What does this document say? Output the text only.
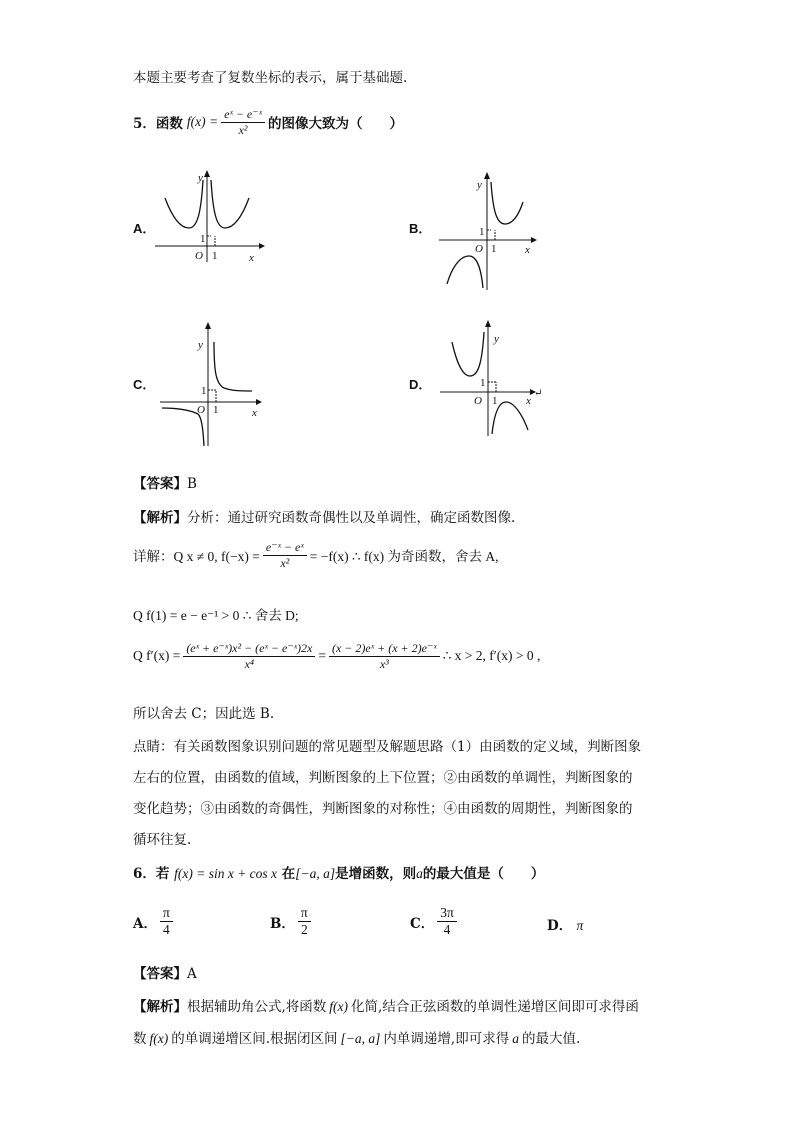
本题主要考查了复数坐标的表示，属于基础题.
5． 函数 $f(x) = \frac{\text{eˣ − e⁻ˣ}}{\text{x²}}$ 的图像大致为（　　）
A．	B．
C．	D．
y
x
O 1
1
y
x
O 1
1
y
x
O 1
1
y
x
↵
O 1
1
【答案】B
【解析】分析：通过研究函数奇偶性以及单调性，确定函数图像.
详解：Q x ≠ 0, $f(-x) = \frac{\text{e⁻ˣ − eˣ}}{\text{x²}} = -f(x)$ ∴ f(x) 为奇函数，舍去 A,
Q f(1) = e − e⁻¹ > 0 ∴ 舍去 D;
Q $f'(x) = \frac{\text{(eˣ + e⁻ˣ)x² − (eˣ − e⁻ˣ)2x}}{\text{x⁴}} = \frac{\text{(x − 2)eˣ + (x + 2)e⁻ˣ}}{\text{x³}}$ ∴ x > 2, f′(x) > 0 ,
所以舍去 C；因此选 B.
点睛：有关函数图象识别问题的常见题型及解题思路（1）由函数的定义域，判断图象
左右的位置，由函数的值域，判断图象的上下位置；②由函数的单调性，判断图象的
变化趋势；③由函数的奇偶性，判断图象的对称性；④由函数的周期性，判断图象的
循环往复.
6．若 f(x) = sin x + cos x 在[−a, a]是增函数，则a的最大值是（　　）
A． $\frac{\pi}{4}$	B． $\frac{\pi}{2}$	C． $\frac{3\pi}{4}$	D． π
【答案】A
【解析】根据辅助角公式,将函数 f(x) 化简,结合正弦函数的单调性递增区间即可求得函
数 f(x) 的单调递增区间.根据闭区间 [−a, a] 内单调递增,即可求得 a 的最大值.
